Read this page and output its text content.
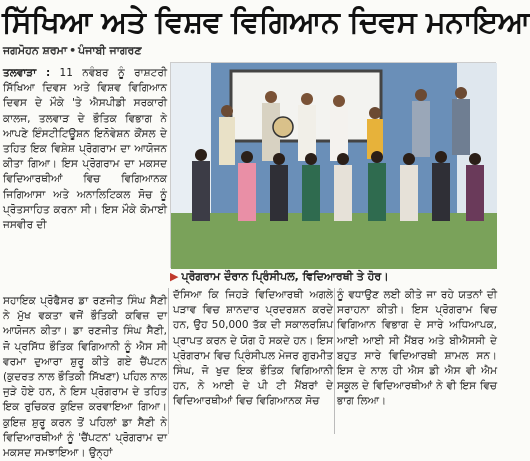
ਸਿੱਖਿਆ ਅਤੇ ਵਿਸ਼ਵ ਵਿਗਿਆਨ ਦਿਵਸ ਮਨਾਇਆ
ਜਗਮੋਹਨ ਸ਼ਰਮਾ • ਪੰਜਾਬੀ ਜਾਗਰਣ
ਤਲਵਾੜਾ : 11 ਨਵੰਬਰ ਨੂੰ ਰਾਸ਼ਟਰੀ ਸਿੱਖਿਆ ਦਿਵਸ ਅਤੇ ਵਿਸ਼ਵ ਵਿਗਿਆਨ ਦਿਵਸ ਦੇ ਮੌਕੇ 'ਤੇ ਐਸਪੀਡੀ ਸਰਕਾਰੀ ਕਾਲਜ, ਤਲਵਾੜ ਦੇ ਭੌਤਿਕ ਵਿਭਾਗ ਨੇ ਆਪਣੇ ਇੰਸਟੀਟਿਊਸ਼ਨ ਇਨੋਵੇਸ਼ਨ ਕੌਂਸਲ ਦੇ ਤਹਿਤ ਇਕ ਵਿਸ਼ੇਸ਼ ਪ੍ਰੋਗਰਾਮ ਦਾ ਆਯੋਜਨ ਕੀਤਾ ਗਿਆ। ਇਸ ਪ੍ਰੋਗਰਾਮ ਦਾ ਮਕਸਦ ਵਿਦਿਆਰਥੀਆਂ ਵਿਚ ਵਿਗਿਆਨਕ ਜਿਗਿਆਸਾ ਅਤੇ ਅਨਾਲਿਟਿਕਲ ਸੋਚ ਨੂੰ ਪ੍ਰੋਤਸਾਹਿਤ ਕਰਨਾ ਸੀ। ਇਸ ਮੌਕੇ ਕੋਮਾਈ ਜਸਵੀਰ ਦੀ
▶ ਪ੍ਰੋਗਰਾਮ ਦੌਰਾਨ ਪ੍ਰਿੰਸੀਪਲ, ਵਿਦਿਆਰਥੀ ਤੇ ਹੋਰ।
ਸਹਾਇਕ ਪ੍ਰੋਫੈਸਰ ਡਾ ਰਣਜੀਤ ਸਿੰਘ ਸੈਣੀ ਨੇ ਮੁੱਖ ਵਕਤਾ ਵਜੋਂ ਭੌਤਿਕੀ ਕਵਿਜ਼ ਦਾ ਆਯੋਜਨ ਕੀਤਾ। ਡਾ ਰਣਜੀਤ ਸਿੰਘ ਸੈਣੀ, ਜੋ ਪ੍ਰਸਿੱਧ ਭੌਤਿਕ ਵਿਗਿਆਨੀ ਨੂੰ ਐਸ ਸੀ ਵਰਮਾ ਦੁਆਰਾ ਸ਼ੁਰੂ ਕੀਤੇ ਗਏ ਚੈਂਪਟਨ (ਕੁਦਰਤ ਨਾਲ ਭੌਤਿਕੀ ਸਿੱਖਣਾ) ਪਹਿਲ ਨਾਲ ਜੁੜੇ ਹੋਏ ਹਨ, ਨੇ ਇਸ ਪ੍ਰੋਗਰਾਮ ਦੇ ਤਹਿਤ ਇਕ ਰੁਚਿਕਰ ਕੁਇਜ਼ ਕਰਵਾਇਆ ਗਿਆ। ਕੁਇਜ਼ ਸ਼ੁਰੂ ਕਰਨ ਤੋਂ ਪਹਿਲਾਂ ਡਾ ਸੈਣੀ ਨੇ ਵਿਦਿਆਰਥੀਆਂ ਨੂੰ 'ਚੈਂਪਟਨ' ਪ੍ਰੋਗਰਾਮ ਦਾ ਮਕਸਦ ਸਮਝਾਇਆ। ਉਨ੍ਹਾਂ
ਦੱਸਿਆ ਕਿ ਜਿਹੜੇ ਵਿਦਿਆਰਥੀ ਅਗਲੇ ਪੜਾਵ ਵਿਚ ਸ਼ਾਨਦਾਰ ਪ੍ਰਦਰਸ਼ਨ ਕਰਦੇ ਹਨ, ਉਹ 50,000 ਤੱਕ ਦੀ ਸਕਾਲਰਸ਼ਿਪ ਪ੍ਰਾਪਤ ਕਰਨ ਦੇ ਯੋਗ ਹੋ ਸਕਦੇ ਹਨ। ਇਸ ਪ੍ਰੋਗਰਾਮ ਵਿਚ ਪ੍ਰਿੰਸੀਪਲ ਮੇਜਰ ਗੁਰਮੀਤ ਸਿੰਘ, ਜੋ ਖੁਦ ਇਕ ਭੌਤਿਕ ਵਿਗਿਆਨੀ ਹਨ, ਨੇ ਆਈ ਦੇ ਪੀ ਟੀ ਮੈਂਬਰਾਂ ਦੇ ਵਿਦਿਆਰਥੀਆਂ ਵਿਚ ਵਿਗਿਆਨਕ ਸੋਚ
ਨੂੰ ਵਧਾਉਣ ਲਈ ਕੀਤੇ ਜਾ ਰਹੇ ਯਤਨਾਂ ਦੀ ਸਰਾਹਨਾ ਕੀਤੀ। ਇਸ ਪ੍ਰੋਗਰਾਮ ਵਿਚ ਵਿਗਿਆਨ ਵਿਭਾਗ ਦੇ ਸਾਰੇ ਅਧਿਆਪਕ, ਆਈ ਆਈ ਸੀ ਮੈਂਬਰ ਅਤੇ ਬੀਐਸਸੀ ਦੇ ਬਹੁਤ ਸਾਰੇ ਵਿਦਿਆਰਥੀ ਸ਼ਾਮਲ ਸਨ। ਇਸ ਦੇ ਨਾਲ ਹੀ ਐਸ ਡੀ ਐਸ ਵੀ ਐਮ ਸਕੂਲ ਦੇ ਵਿਦਿਆਰਥੀਆਂ ਨੇ ਵੀ ਇਸ ਵਿਚ ਭਾਗ ਲਿਆ।
